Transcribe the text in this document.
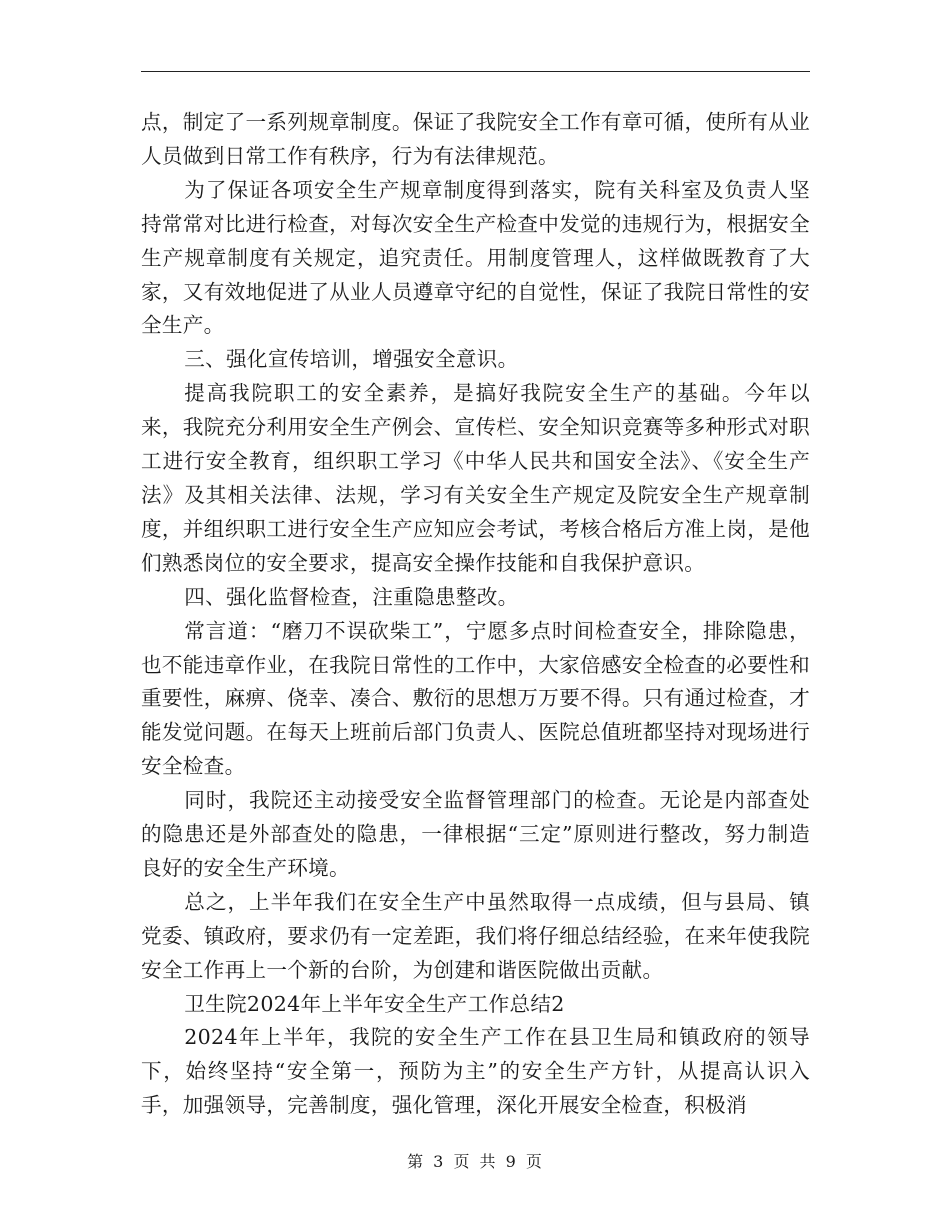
点，制定了一系列规章制度。保证了我院安全工作有章可循，使所有从业人员做到日常工作有秩序，行为有法律规范。

为了保证各项安全生产规章制度得到落实，院有关科室及负责人坚持常常对比进行检查，对每次安全生产检查中发觉的违规行为，根据安全生产规章制度有关规定，追究责任。用制度管理人，这样做既教育了大家，又有效地促进了从业人员遵章守纪的自觉性，保证了我院日常性的安全生产。

三、强化宣传培训，增强安全意识。

提高我院职工的安全素养，是搞好我院安全生产的基础。今年以来，我院充分利用安全生产例会、宣传栏、安全知识竞赛等多种形式对职工进行安全教育，组织职工学习《中华人民共和国安全法》、《安全生产法》及其相关法律、法规，学习有关安全生产规定及院安全生产规章制度，并组织职工进行安全生产应知应会考试，考核合格后方准上岗，是他们熟悉岗位的安全要求，提高安全操作技能和自我保护意识。

四、强化监督检查，注重隐患整改。

常言道：“磨刀不误砍柴工”，宁愿多点时间检查安全，排除隐患，也不能违章作业，在我院日常性的工作中，大家倍感安全检查的必要性和重要性，麻痹、侥幸、凑合、敷衍的思想万万要不得。只有通过检查，才能发觉问题。在每天上班前后部门负责人、医院总值班都坚持对现场进行安全检查。

同时，我院还主动接受安全监督管理部门的检查。无论是内部查处的隐患还是外部查处的隐患，一律根据“三定”原则进行整改，努力制造良好的安全生产环境。

总之，上半年我们在安全生产中虽然取得一点成绩，但与县局、镇党委、镇政府，要求仍有一定差距，我们将仔细总结经验，在来年使我院安全工作再上一个新的台阶，为创建和谐医院做出贡献。

卫生院2024年上半年安全生产工作总结2

2024年上半年，我院的安全生产工作在县卫生局和镇政府的领导下，始终坚持“安全第一，预防为主”的安全生产方针，从提高认识入手，加强领导，完善制度，强化管理，深化开展安全检查，积极消

第 3 页 共 9 页
